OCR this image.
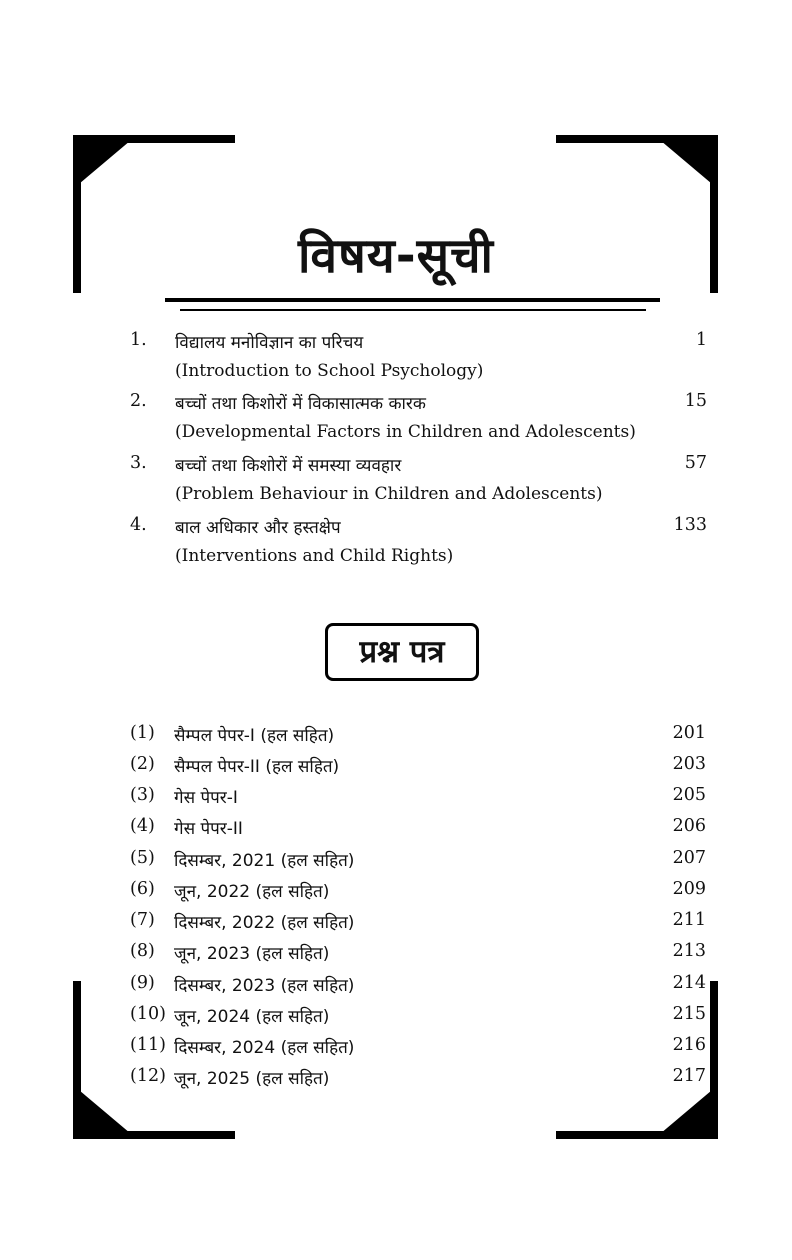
विषय-सूची
1. विद्यालय मनोविज्ञान का परिचय	1
(Introduction to School Psychology)
2. बच्चों तथा किशोरों में विकासात्मक कारक	15
(Developmental Factors in Children and Adolescents)
3. बच्चों तथा किशोरों में समस्या व्यवहार	57
(Problem Behaviour in Children and Adolescents)
4. बाल अधिकार और हस्तक्षेप	133
(Interventions and Child Rights)
प्रश्न पत्र
(1) सैम्पल पेपर-I (हल सहित)	201
(2) सैम्पल पेपर-II (हल सहित)	203
(3) गेस पेपर-I	205
(4) गेस पेपर-II	206
(5) दिसम्बर, 2021 (हल सहित)	207
(6) जून, 2022 (हल सहित)	209
(7) दिसम्बर, 2022 (हल सहित)	211
(8) जून, 2023 (हल सहित)	213
(9) दिसम्बर, 2023 (हल सहित)	214
(10) जून, 2024 (हल सहित)	215
(11) दिसम्बर, 2024 (हल सहित)	216
(12) जून, 2025 (हल सहित)	217
